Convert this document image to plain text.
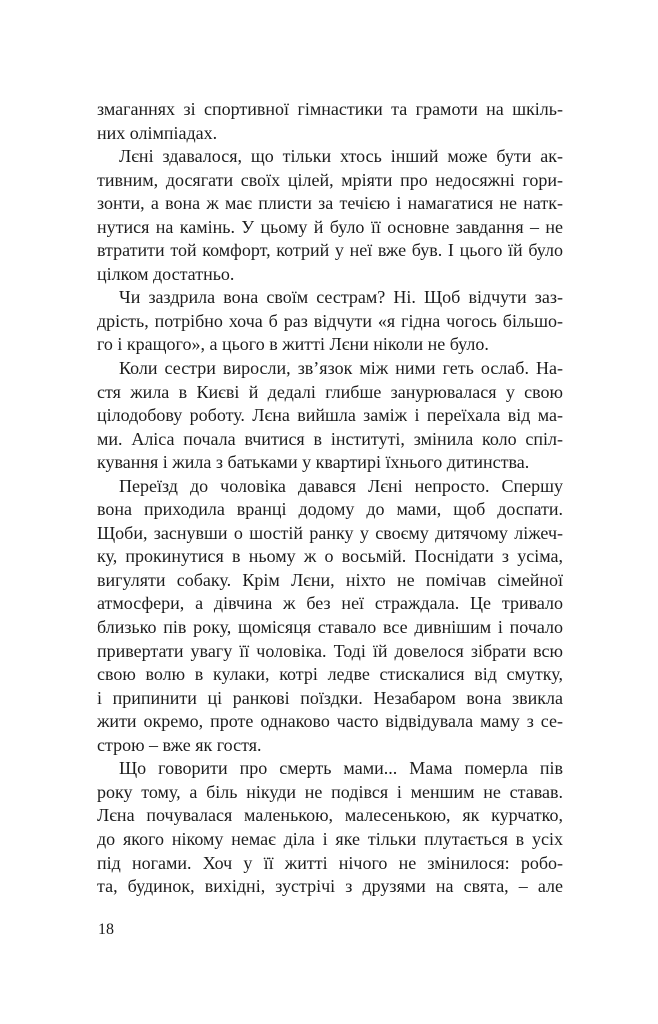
змаганнях зі спортивної гімнастики та грамоти на шкіль-
них олімпіадах.
Лєні здавалося, що тільки хтось інший може бути ак-
тивним, досягати своїх цілей, мріяти про недосяжні гори-
зонти, а вона ж має плисти за течією і намагатися не натк-
нутися на камінь. У цьому й було її основне завдання – не
втратити той комфорт, котрий у неї вже був. І цього їй було
цілком достатньо.
Чи заздрила вона своїм сестрам? Ні. Щоб відчути заз-
дрість, потрібно хоча б раз відчути «я гідна чогось більшо-
го і кращого», а цього в житті Лєни ніколи не було.
Коли сестри виросли, зв’язок між ними геть ослаб. На-
стя жила в Києві й дедалі глибше занурювалася у свою
цілодобову роботу. Лєна вийшла заміж і переїхала від ма-
ми. Аліса почала вчитися в інституті, змінила коло спіл-
кування і жила з батьками у квартирі їхнього дитинства.
Переїзд до чоловіка давався Лєні непросто. Спершу
вона приходила вранці додому до мами, щоб доспати.
Щоби, заснувши о шостій ранку у своєму дитячому ліжеч-
ку, прокинутися в ньому ж о восьмій. Поснідати з усіма,
вигуляти собаку. Крім Лєни, ніхто не помічав сімейної
атмосфери, а дівчина ж без неї страждала. Це тривало
близько пів року, щомісяця ставало все дивнішим і почало
привертати увагу її чоловіка. Тоді їй довелося зібрати всю
свою волю в кулаки, котрі ледве стискалися від смутку,
і припинити ці ранкові поїздки. Незабаром вона звикла
жити окремо, проте однаково часто відвідувала маму з се-
строю – вже як гостя.
Що говорити про смерть мами... Мама померла пів
року тому, а біль нікуди не подівся і меншим не ставав.
Лєна почувалася маленькою, малесенькою, як курчатко,
до якого нікому немає діла і яке тільки плутається в усіх
під ногами. Хоч у її житті нічого не змінилося: робо-
та, будинок, вихідні, зустрічі з друзями на свята, – але
18
